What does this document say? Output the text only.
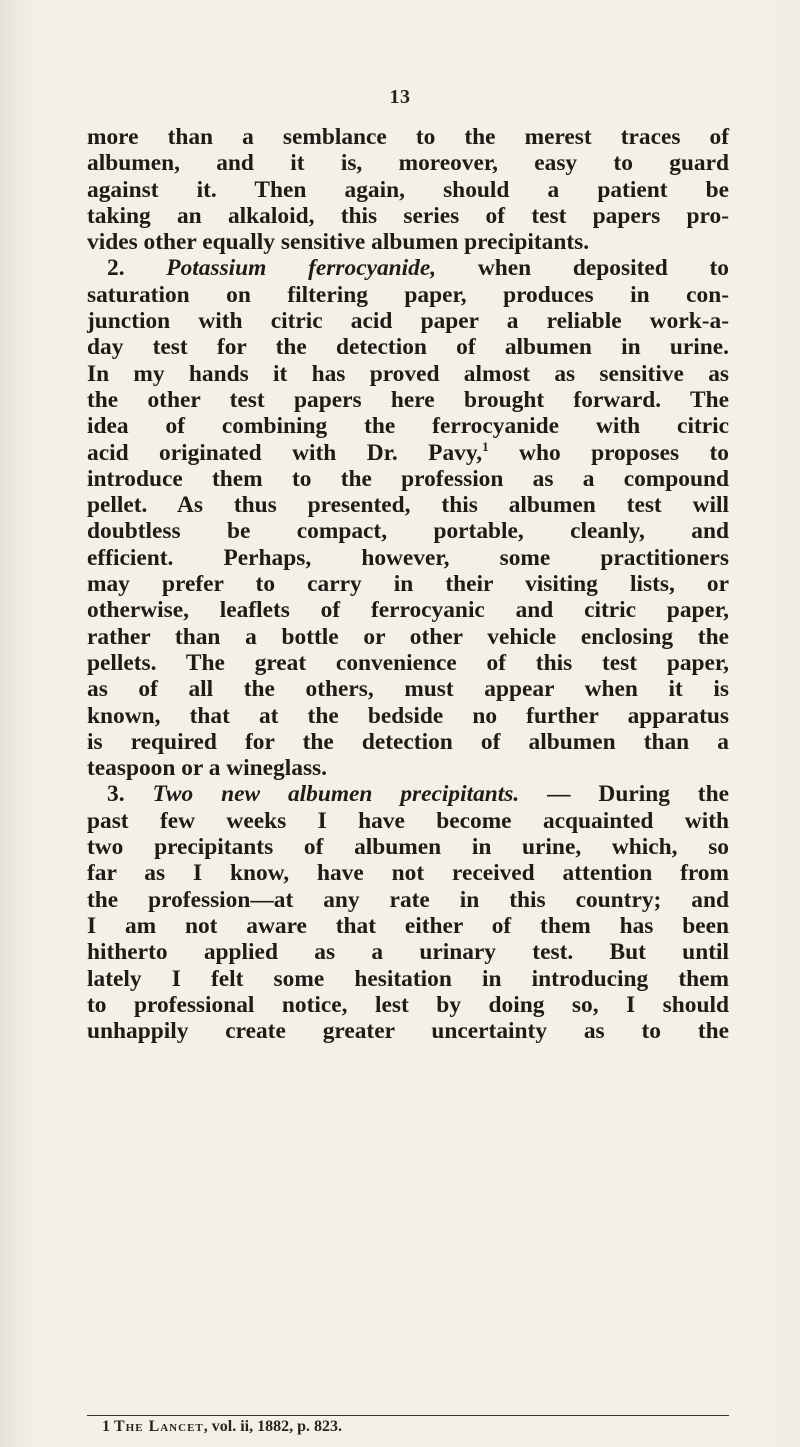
13
more than a semblance to the merest traces of
albumen, and it is, moreover, easy to guard
against it. Then again, should a patient be
taking an alkaloid, this series of test papers pro-
vides other equally sensitive albumen precipitants.
2. Potassium ferrocyanide, when deposited to
saturation on filtering paper, produces in con-
junction with citric acid paper a reliable work-a-
day test for the detection of albumen in urine.
In my hands it has proved almost as sensitive as
the other test papers here brought forward. The
idea of combining the ferrocyanide with citric
acid originated with Dr. Pavy,$^1$ who proposes to
introduce them to the profession as a compound
pellet. As thus presented, this albumen test will
doubtless be compact, portable, cleanly, and
efficient. Perhaps, however, some practitioners
may prefer to carry in their visiting lists, or
otherwise, leaflets of ferrocyanic and citric paper,
rather than a bottle or other vehicle enclosing the
pellets. The great convenience of this test paper,
as of all the others, must appear when it is
known, that at the bedside no further apparatus
is required for the detection of albumen than a
teaspoon or a wineglass.
3. Two new albumen precipitants. — During the
past few weeks I have become acquainted with
two precipitants of albumen in urine, which, so
far as I know, have not received attention from
the profession—at any rate in this country; and
I am not aware that either of them has been
hitherto applied as a urinary test. But until
lately I felt some hesitation in introducing them
to professional notice, lest by doing so, I should
unhappily create greater uncertainty as to the
1 The Lancet, vol. ii, 1882, p. 823.
